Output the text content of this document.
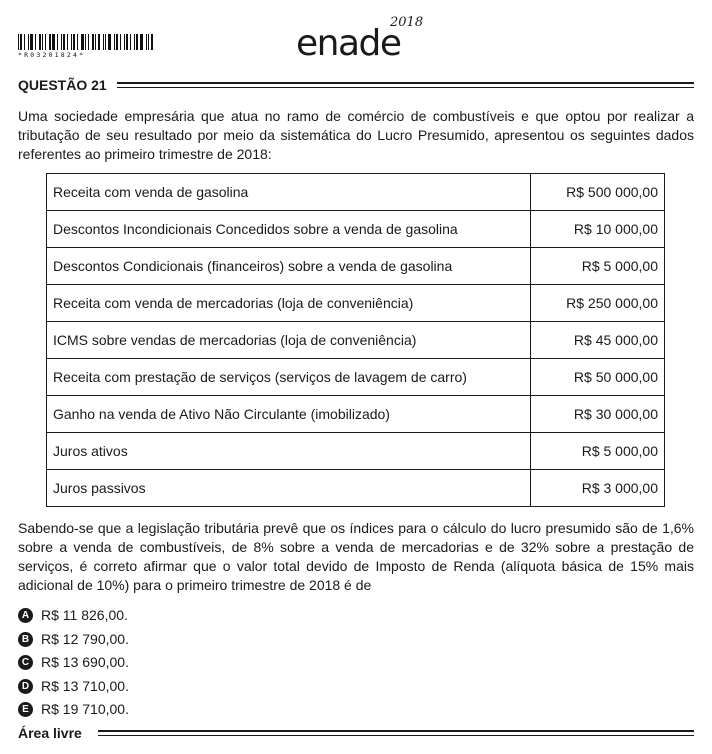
*R0320182​4*	enade
2018
QUESTÃO 21

Uma sociedade empresária que atua no ramo de comércio de combustíveis e que optou por realizar a tributação de seu resultado por meio da sistemática do Lucro Presumido, apresentou os seguintes dados referentes ao primeiro trimestre de 2018:

Receita com venda de gasolina	R$ 500 000,00
Descontos Incondicionais Concedidos sobre a venda de gasolina	R$ 10 000,00
Descontos Condicionais (financeiros) sobre a venda de gasolina	R$ 5 000,00
Receita com venda de mercadorias (loja de conveniência)	R$ 250 000,00
ICMS sobre vendas de mercadorias (loja de conveniência)	R$ 45 000,00
Receita com prestação de serviços (serviços de lavagem de carro)	R$ 50 000,00
Ganho na venda de Ativo Não Circulante (imobilizado)	R$ 30 000,00
Juros ativos	R$ 5 000,00
Juros passivos	R$ 3 000,00

Sabendo-se que a legislação tributária prevê que os índices para o cálculo do lucro presumido são de 1,6% sobre a venda de combustíveis, de 8% sobre a venda de mercadorias e de 32% sobre a prestação de serviços, é correto afirmar que o valor total devido de Imposto de Renda (alíquota básica de 15% mais adicional de 10%) para o primeiro trimestre de 2018 é de

A R$ 11 826,00.
B R$ 12 790,00.
C R$ 13 690,00.
D R$ 13 710,00.
E R$ 19 710,00.
Área livre
